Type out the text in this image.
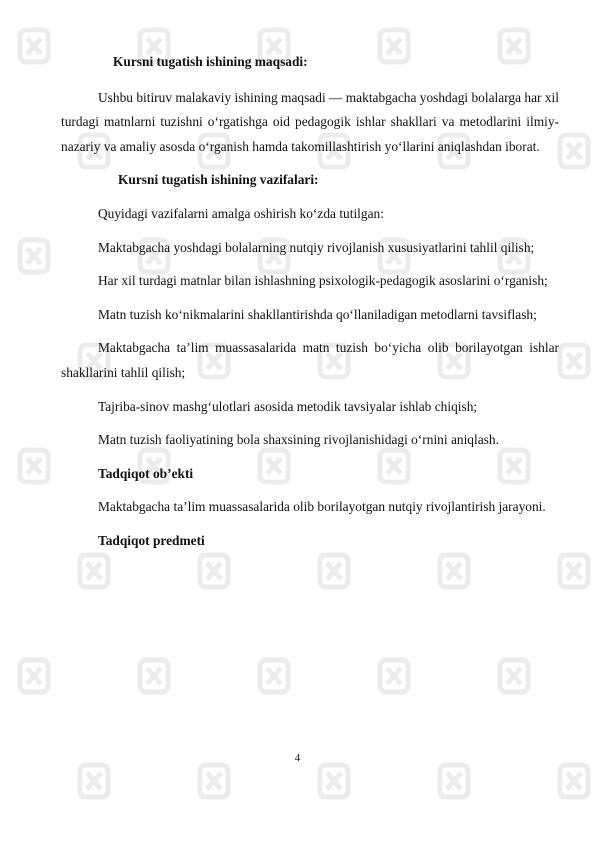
Kursni tugatish ishining maqsadi:

Ushbu bitiruv malakaviy ishining maqsadi — maktabgacha yoshdagi bolalarga har xil turdagi matnlarni tuzishni o‘rgatishga oid pedagogik ishlar shakllari va metodlarini ilmiy-nazariy va amaliy asosda o‘rganish hamda takomillashtirish yo‘llarini aniqlashdan iborat.

Kursni tugatish ishining vazifalari:

Quyidagi vazifalarni amalga oshirish ko‘zda tutilgan:

Maktabgacha yoshdagi bolalarning nutqiy rivojlanish xususiyatlarini tahlil qilish;

Har xil turdagi matnlar bilan ishlashning psixologik-pedagogik asoslarini o‘rganish;

Matn tuzish ko‘nikmalarini shakllantirishda qo‘llaniladigan metodlarni tavsiflash;

Maktabgacha ta’lim muassasalarida matn tuzish bo‘yicha olib borilayotgan ishlar shakllarini tahlil qilish;

Tajriba-sinov mashg‘ulotlari asosida metodik tavsiyalar ishlab chiqish;

Matn tuzish faoliyatining bola shaxsining rivojlanishidagi o‘rnini aniqlash.

Tadqiqot ob’ekti

Maktabgacha ta’lim muassasalarida olib borilayotgan nutqiy rivojlantirish jarayoni.

Tadqiqot predmeti
4
